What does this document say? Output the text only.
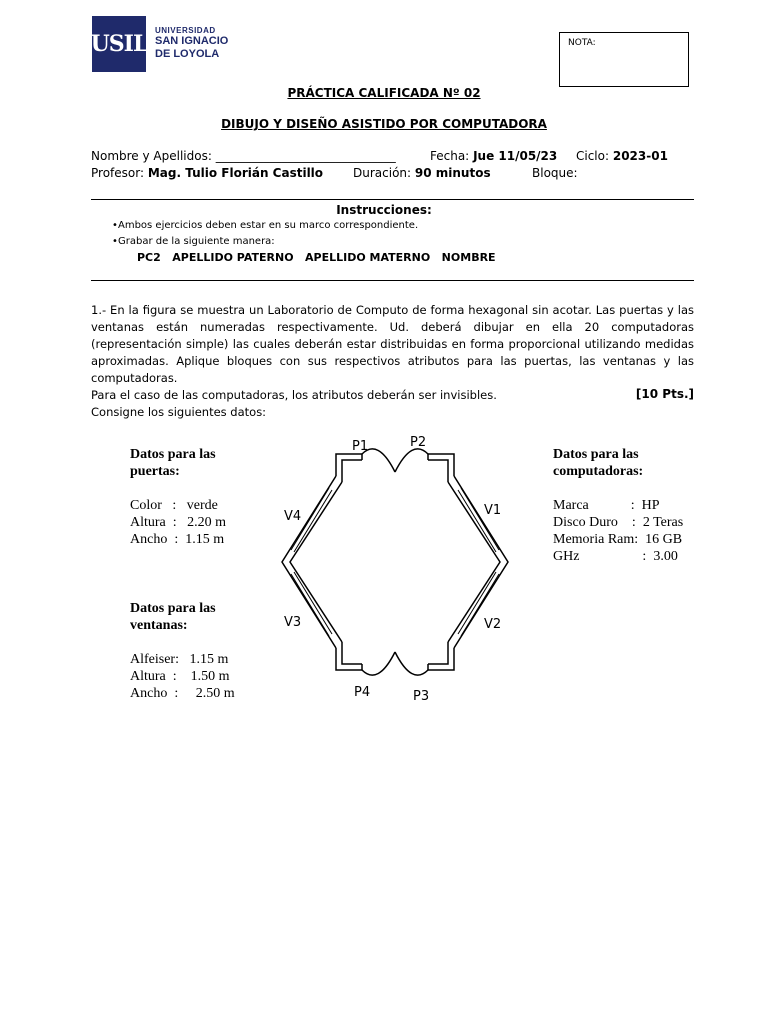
USIL
UNIVERSIDAD
SAN IGNACIO
DE LOYOLA
NOTA:
PRÁCTICA CALIFICADA Nº 02
DIBUJO Y DISEÑO ASISTIDO POR COMPUTADORA
Nombre y Apellidos: ______________________________	Fecha: Jue 11/05/23 Ciclo: 2023-01
Profesor: Mag. Tulio Florián Castillo Duración: 90 minutos	Bloque:
Instrucciones:
• Ambos ejercicios deben estar en su marco correspondiente.
• Grabar de la siguiente manera:
PC2   APELLIDO PATERNO   APELLIDO MATERNO   NOMBRE
1.- En la figura se muestra un Laboratorio de Computo de forma hexagonal sin acotar. Las puertas y las ventanas están numeradas respectivamente. Ud. deberá dibujar en ella 20 computadoras (representación simple) las cuales deberán estar distribuidas en forma proporcional utilizando medidas aproximadas. Aplique bloques con sus respectivos atributos para las puertas, las ventanas y las computadoras.
Para el caso de las computadoras, los atributos deberán ser invisibles.
Consigne los siguientes datos:
[10 Pts.]
Datos para las
puertas:
Color   :   verde
Altura  :   2.20 m
Ancho  :  1.15 m
Datos para las
ventanas:
Alfeiser:   1.15 m
Altura  :    1.50 m
Ancho  :     2.50 m
Datos para las
computadoras:
Marca            :  HP
Disco Duro    :  2 Teras
Memoria Ram:  16 GB
GHz                  :  3.00
P1	P2
P3
P4
V1
V2
V3
V4
